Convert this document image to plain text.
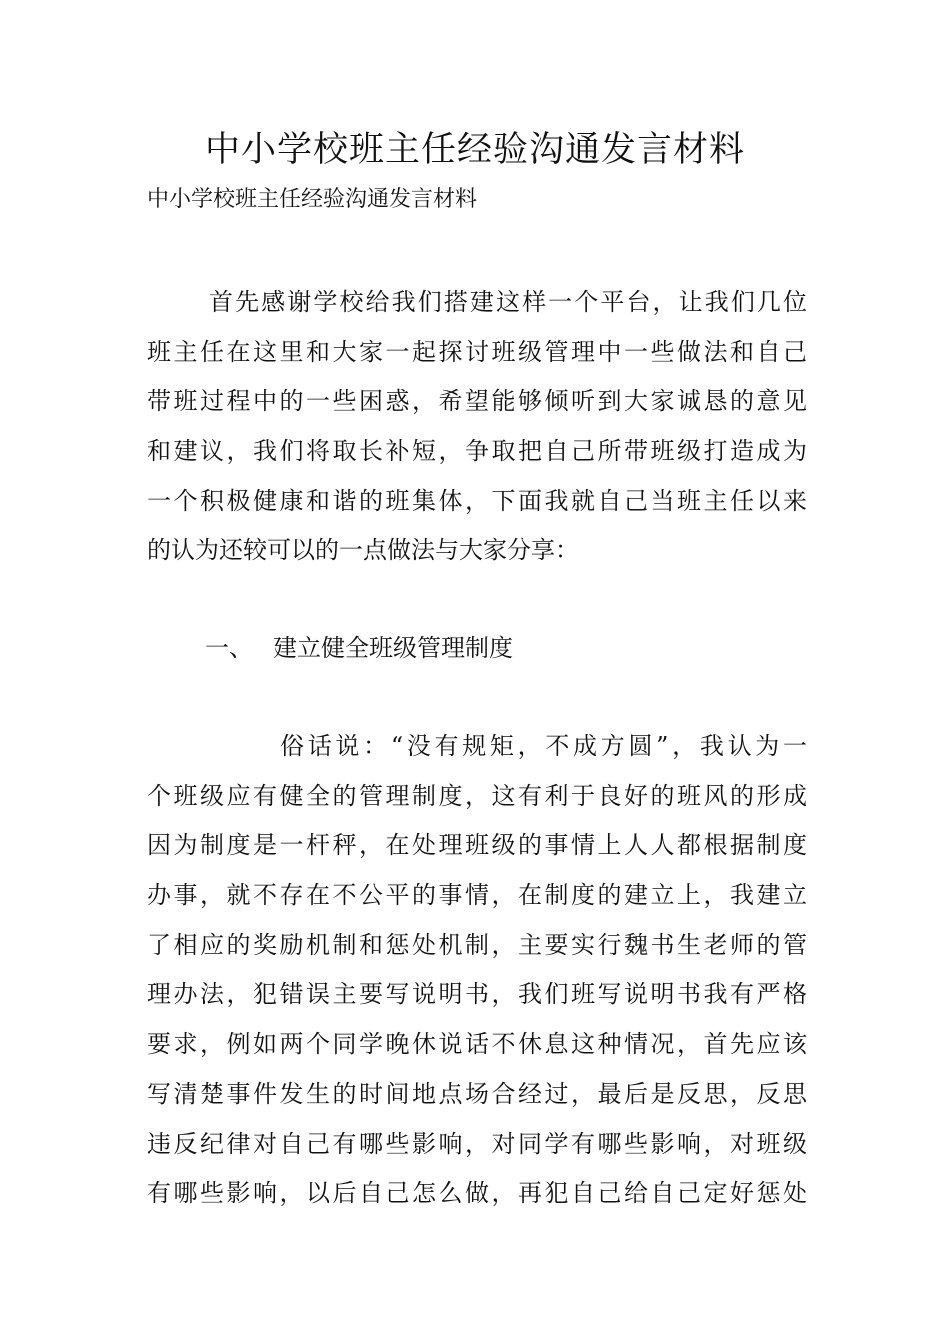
中小学校班主任经验沟通发言材料

中小学校班主任经验沟通发言材料

首先感谢学校给我们搭建这样一个平台，让我们几位
班主任在这里和大家一起探讨班级管理中一些做法和自己
带班过程中的一些困惑，希望能够倾听到大家诚恳的意见
和建议，我们将取长补短，争取把自己所带班级打造成为
一个积极健康和谐的班集体，下面我就自己当班主任以来
的认为还较可以的一点做法与大家分享：

一、 建立健全班级管理制度

俗话说：“没有规矩，不成方圆”，我认为一
个班级应有健全的管理制度，这有利于良好的班风的形成
因为制度是一杆秤，在处理班级的事情上人人都根据制度
办事，就不存在不公平的事情，在制度的建立上，我建立
了相应的奖励机制和惩处机制，主要实行魏书生老师的管
理办法，犯错误主要写说明书，我们班写说明书我有严格
要求，例如两个同学晚休说话不休息这种情况，首先应该
写清楚事件发生的时间地点场合经过，最后是反思，反思
违反纪律对自己有哪些影响，对同学有哪些影响，对班级
有哪些影响，以后自己怎么做，再犯自己给自己定好惩处
